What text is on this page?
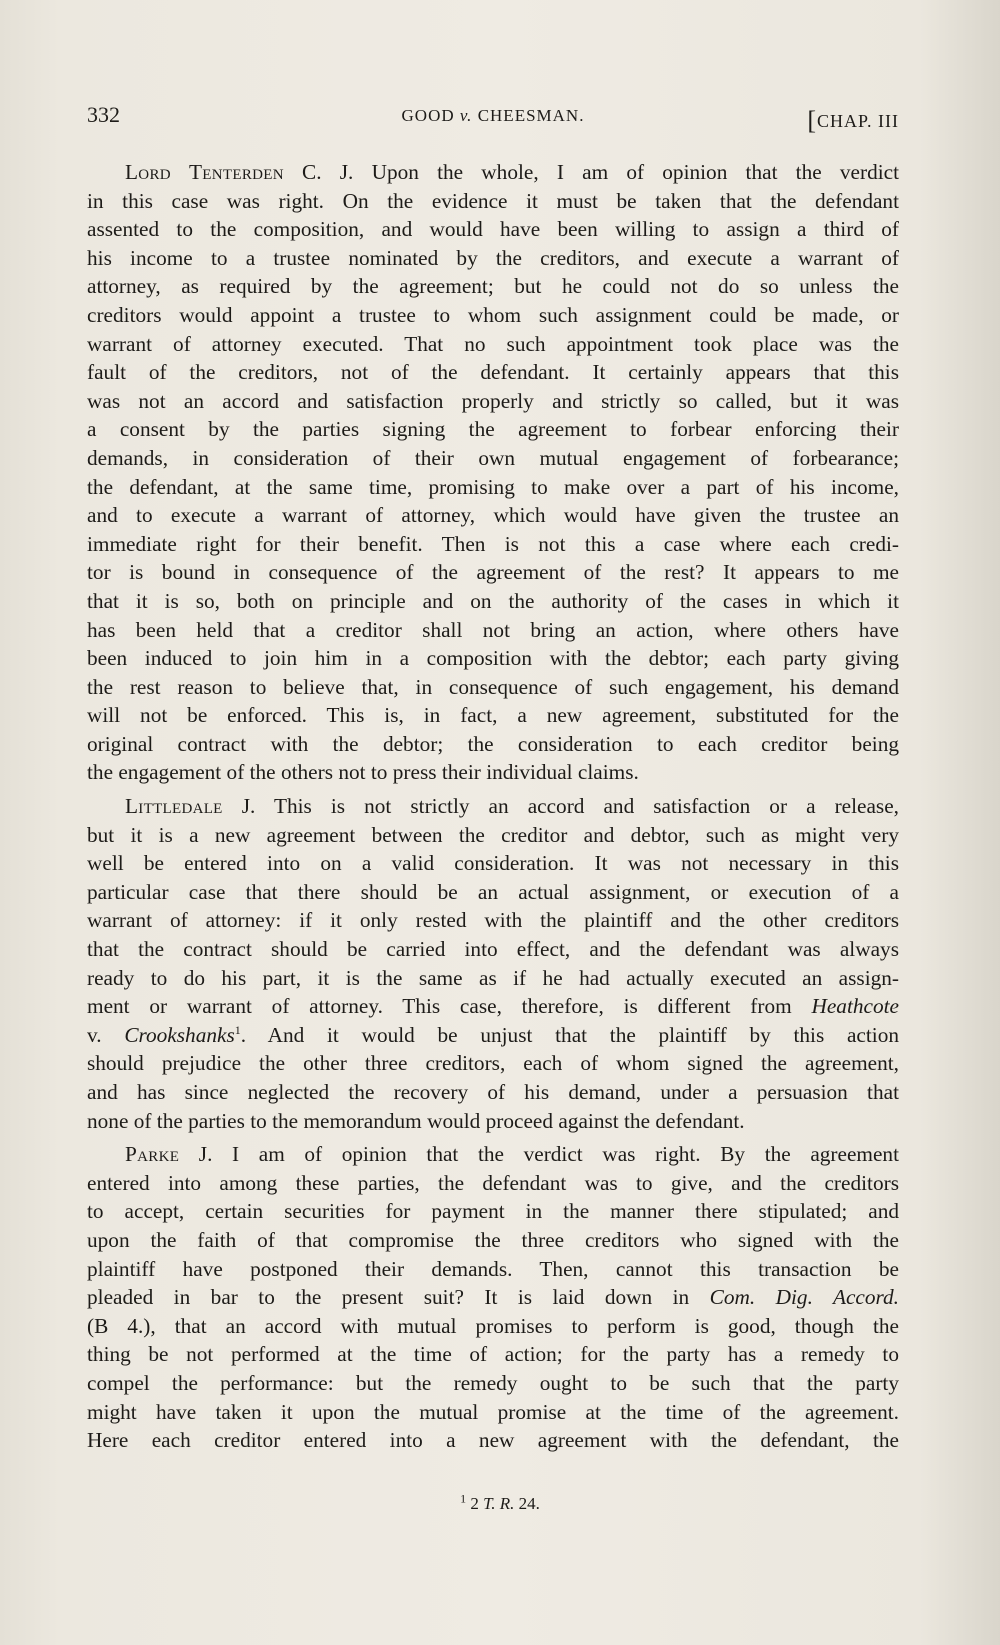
332	GOOD v. CHEESMAN.	[CHAP. III
Lord Tenterden C. J. Upon the whole, I am of opinion that the verdict
in this case was right. On the evidence it must be taken that the defendant
assented to the composition, and would have been willing to assign a third of
his income to a trustee nominated by the creditors, and execute a warrant of
attorney, as required by the agreement; but he could not do so unless the
creditors would appoint a trustee to whom such assignment could be made, or
warrant of attorney executed. That no such appointment took place was the
fault of the creditors, not of the defendant. It certainly appears that this
was not an accord and satisfaction properly and strictly so called, but it was
a consent by the parties signing the agreement to forbear enforcing their
demands, in consideration of their own mutual engagement of forbearance;
the defendant, at the same time, promising to make over a part of his income,
and to execute a warrant of attorney, which would have given the trustee an
immediate right for their benefit. Then is not this a case where each credi-
tor is bound in consequence of the agreement of the rest? It appears to me
that it is so, both on principle and on the authority of the cases in which it
has been held that a creditor shall not bring an action, where others have
been induced to join him in a composition with the debtor; each party giving
the rest reason to believe that, in consequence of such engagement, his demand
will not be enforced. This is, in fact, a new agreement, substituted for the
original contract with the debtor; the consideration to each creditor being
the engagement of the others not to press their individual claims.
Littledale J. This is not strictly an accord and satisfaction or a release,
but it is a new agreement between the creditor and debtor, such as might very
well be entered into on a valid consideration. It was not necessary in this
particular case that there should be an actual assignment, or execution of a
warrant of attorney: if it only rested with the plaintiff and the other creditors
that the contract should be carried into effect, and the defendant was always
ready to do his part, it is the same as if he had actually executed an assign-
ment or warrant of attorney. This case, therefore, is different from Heathcote
v. Crookshanks$^1$. And it would be unjust that the plaintiff by this action
should prejudice the other three creditors, each of whom signed the agreement,
and has since neglected the recovery of his demand, under a persuasion that
none of the parties to the memorandum would proceed against the defendant.
Parke J. I am of opinion that the verdict was right. By the agreement
entered into among these parties, the defendant was to give, and the creditors
to accept, certain securities for payment in the manner there stipulated; and
upon the faith of that compromise the three creditors who signed with the
plaintiff have postponed their demands. Then, cannot this transaction be
pleaded in bar to the present suit? It is laid down in Com. Dig. Accord.
(B 4.), that an accord with mutual promises to perform is good, though the
thing be not performed at the time of action; for the party has a remedy to
compel the performance: but the remedy ought to be such that the party
might have taken it upon the mutual promise at the time of the agreement.
Here each creditor entered into a new agreement with the defendant, the
$^1$ 2 T. R. 24.
